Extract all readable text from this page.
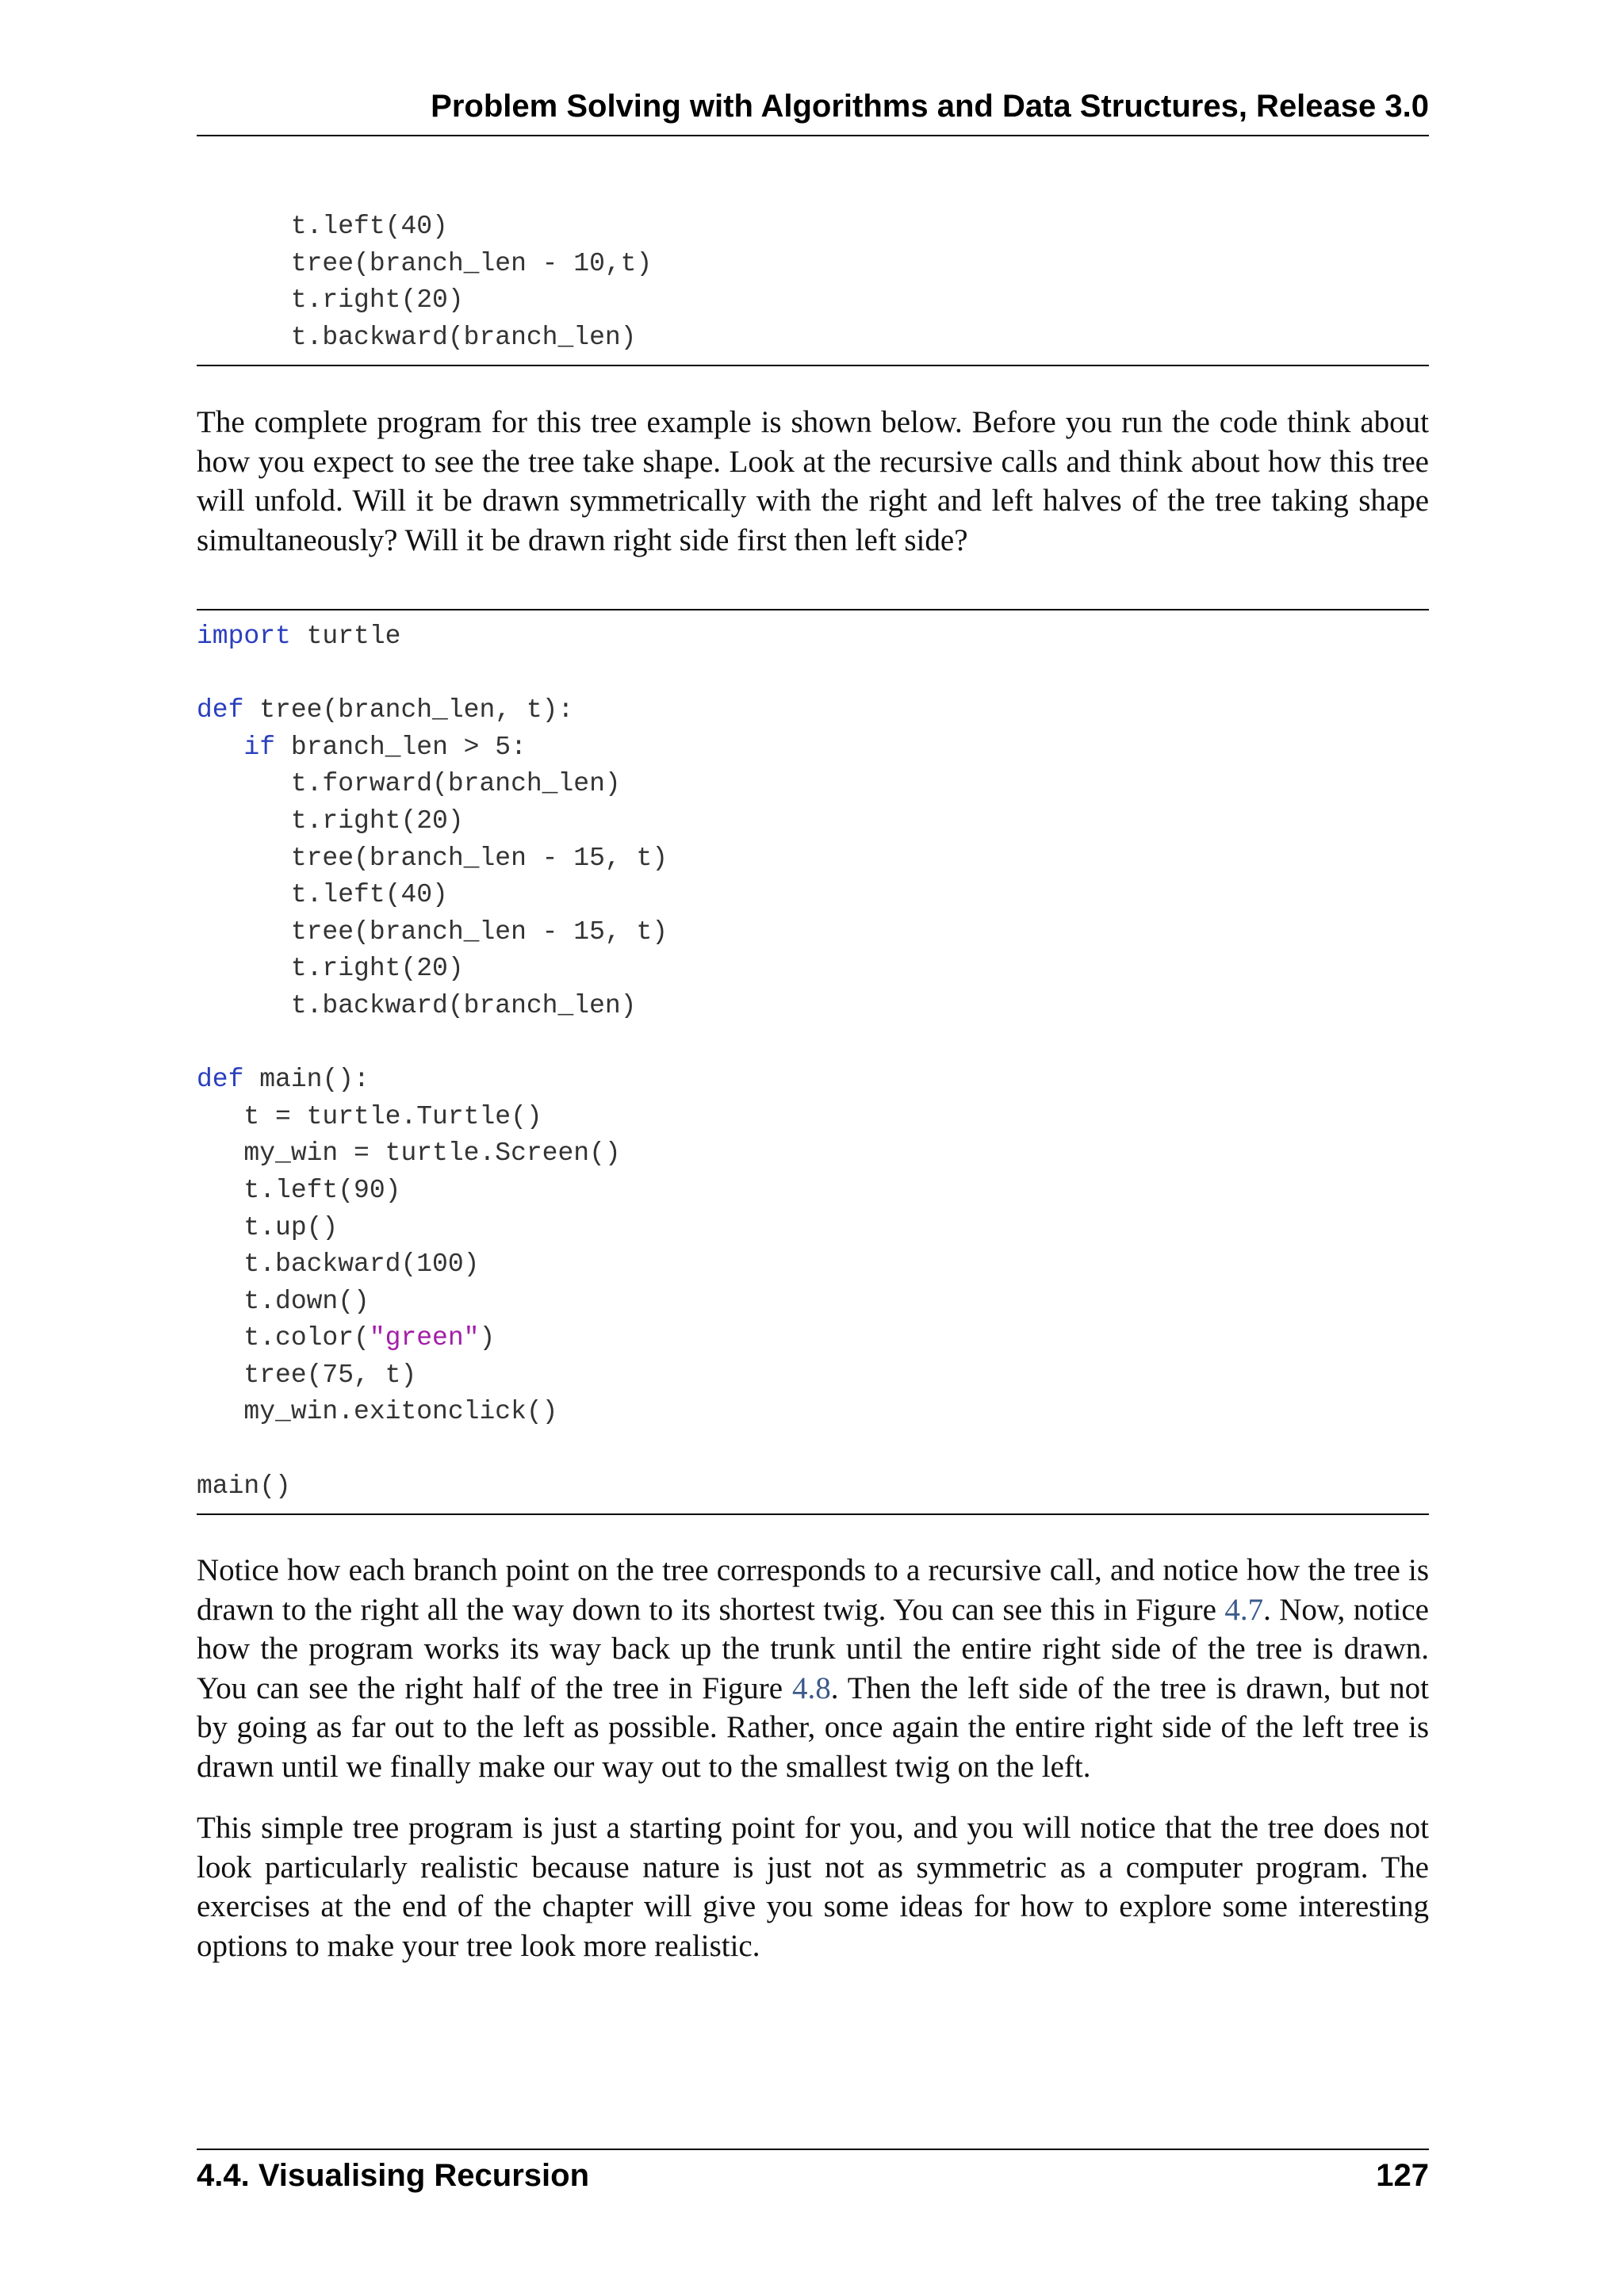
Problem Solving with Algorithms and Data Structures, Release 3.0
t.left(40)
tree(branch_len - 10,t)
t.right(20)
t.backward(branch_len)

The complete program for this tree example is shown below. Before you run the code think about how you expect to see the tree take shape. Look at the recursive calls and think about how this tree will unfold. Will it be drawn symmetrically with the right and left halves of the tree taking shape simultaneously? Will it be drawn right side first then left side?

import turtle
def tree(branch_len, t):
if branch_len > 5:
t.forward(branch_len)
t.right(20)
tree(branch_len - 15, t)
t.left(40)
tree(branch_len - 15, t)
t.right(20)
t.backward(branch_len)
def main():
t = turtle.Turtle()
my_win = turtle.Screen()
t.left(90)
t.up()
t.backward(100)
t.down()
t.color("green")
tree(75, t)
my_win.exitonclick()
main()

Notice how each branch point on the tree corresponds to a recursive call, and notice how the tree is drawn to the right all the way down to its shortest twig. You can see this in Figure 4.7. Now, notice how the program works its way back up the trunk until the entire right side of the tree is drawn. You can see the right half of the tree in Figure 4.8. Then the left side of the tree is drawn, but not by going as far out to the left as possible. Rather, once again the entire right side of the left tree is drawn until we finally make our way out to the smallest twig on the left.

This simple tree program is just a starting point for you, and you will notice that the tree does not look particularly realistic because nature is just not as symmetric as a computer program. The exercises at the end of the chapter will give you some ideas for how to explore some interesting options to make your tree look more realistic.

4.4. Visualising Recursion	127
